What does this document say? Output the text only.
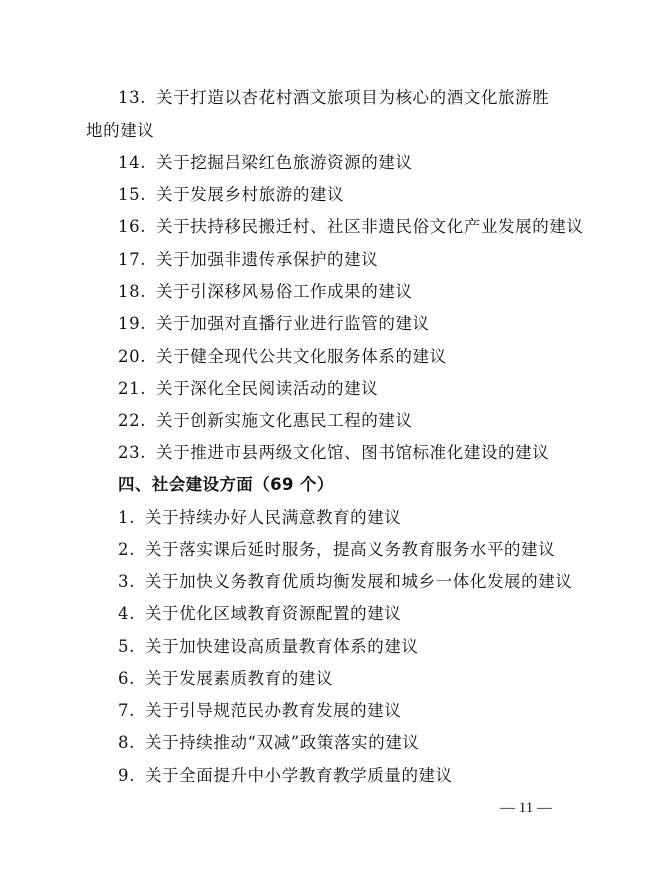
13. 关于打造以杏花村酒文旅项目为核心的酒文化旅游胜
地的建议
14. 关于挖掘吕梁红色旅游资源的建议
15. 关于发展乡村旅游的建议
16. 关于扶持移民搬迁村、社区非遗民俗文化产业发展的建议
17. 关于加强非遗传承保护的建议
18. 关于引深移风易俗工作成果的建议
19. 关于加强对直播行业进行监管的建议
20. 关于健全现代公共文化服务体系的建议
21. 关于深化全民阅读活动的建议
22. 关于创新实施文化惠民工程的建议
23. 关于推进市县两级文化馆、图书馆标准化建设的建议
四、社会建设方面（69 个）
1. 关于持续办好人民满意教育的建议
2. 关于落实课后延时服务，提高义务教育服务水平的建议
3. 关于加快义务教育优质均衡发展和城乡一体化发展的建议
4. 关于优化区域教育资源配置的建议
5. 关于加快建设高质量教育体系的建议
6. 关于发展素质教育的建议
7. 关于引导规范民办教育发展的建议
8. 关于持续推动“双减”政策落实的建议
9. 关于全面提升中小学教育教学质量的建议
— 11 —
